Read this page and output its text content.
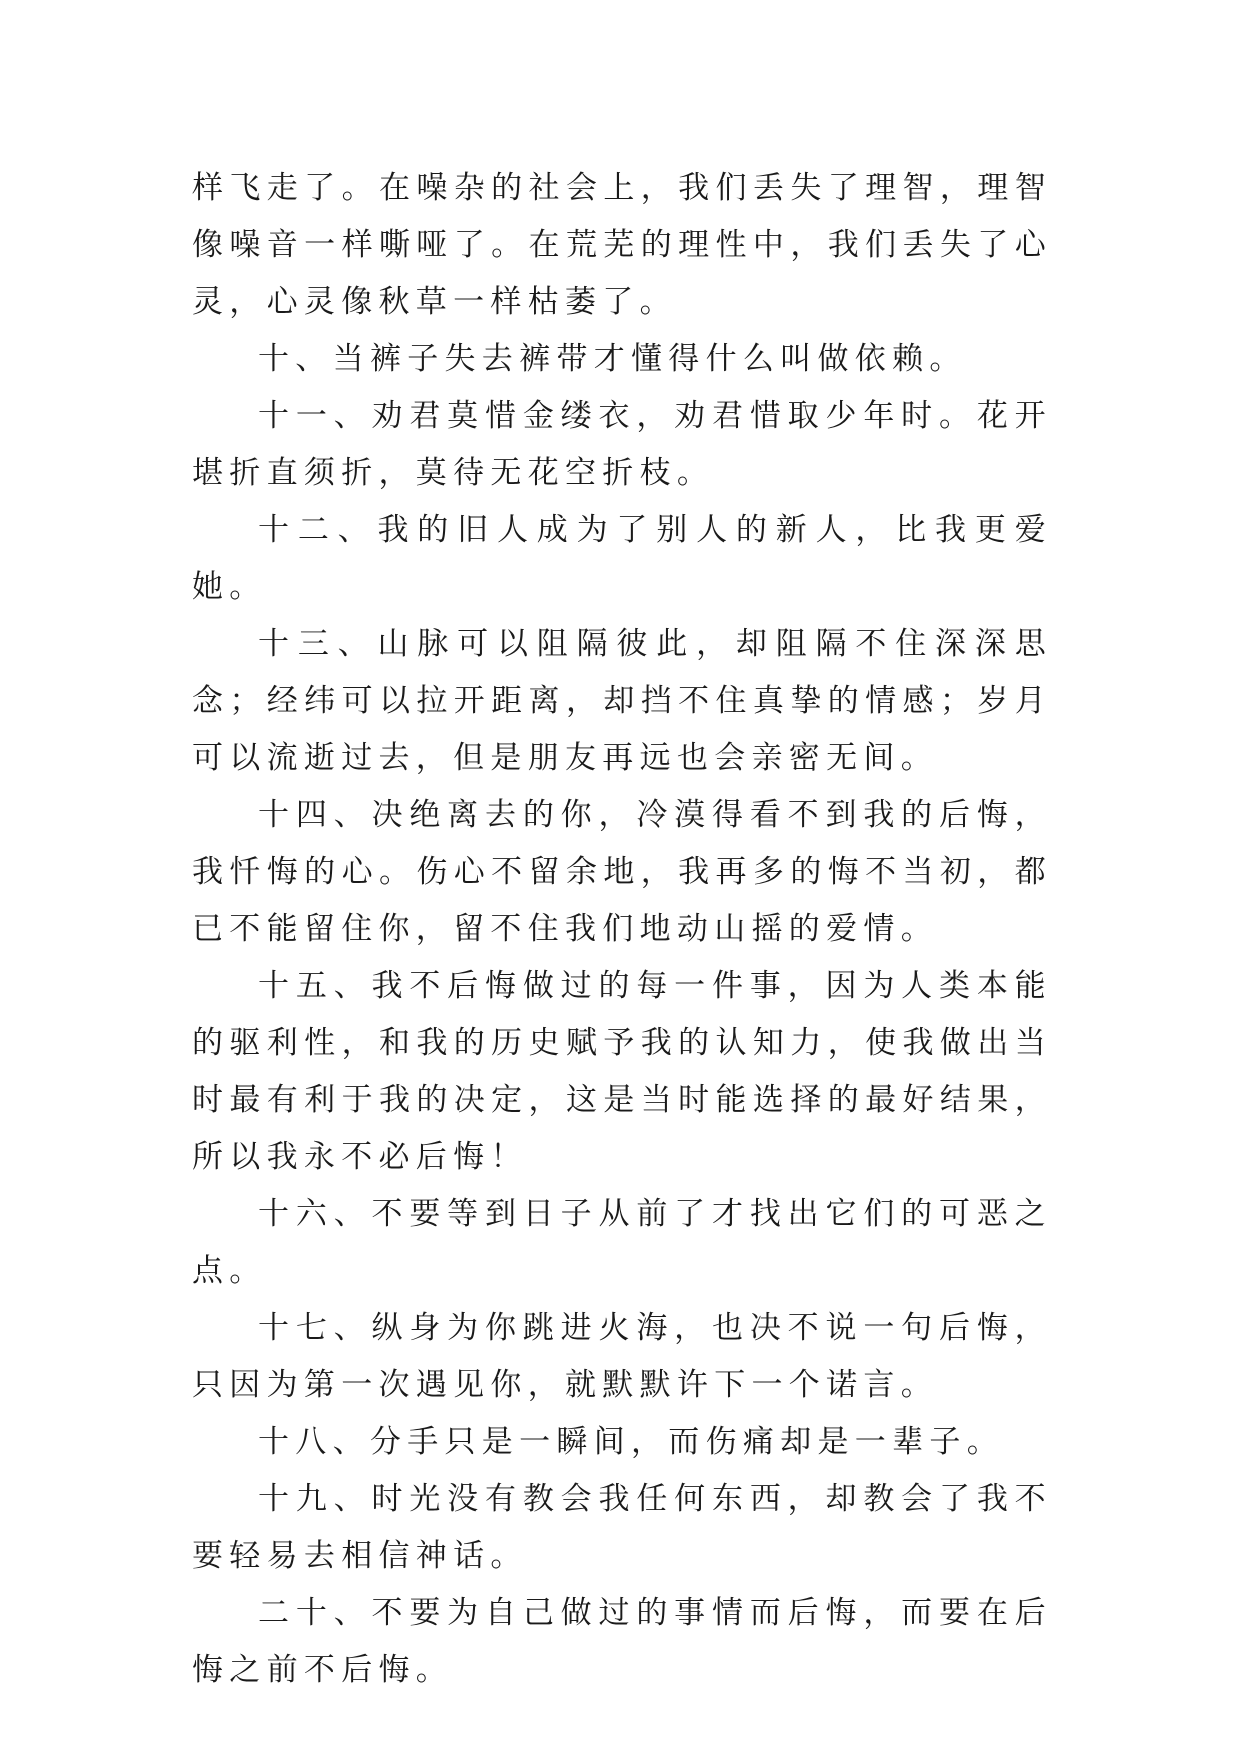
样飞走了。在噪杂的社会上，我们丢失了理智，理智像噪音一样嘶哑了。在荒芜的理性中，我们丢失了心灵，心灵像秋草一样枯萎了。

十、当裤子失去裤带才懂得什么叫做依赖。

十一、劝君莫惜金缕衣，劝君惜取少年时。花开堪折直须折，莫待无花空折枝。

十二、我的旧人成为了别人的新人，比我更爱她。

十三、山脉可以阻隔彼此，却阻隔不住深深思念；经纬可以拉开距离，却挡不住真挚的情感；岁月可以流逝过去，但是朋友再远也会亲密无间。

十四、决绝离去的你，冷漠得看不到我的后悔，我忏悔的心。伤心不留余地，我再多的悔不当初，都已不能留住你，留不住我们地动山摇的爱情。

十五、我不后悔做过的每一件事，因为人类本能的驱利性，和我的历史赋予我的认知力，使我做出当时最有利于我的决定，这是当时能选择的最好结果，所以我永不必后悔！

十六、不要等到日子从前了才找出它们的可恶之点。

十七、纵身为你跳进火海，也决不说一句后悔，只因为第一次遇见你，就默默许下一个诺言。

十八、分手只是一瞬间，而伤痛却是一辈子。

十九、时光没有教会我任何东西，却教会了我不要轻易去相信神话。

二十、不要为自己做过的事情而后悔，而要在后悔之前不后悔。
